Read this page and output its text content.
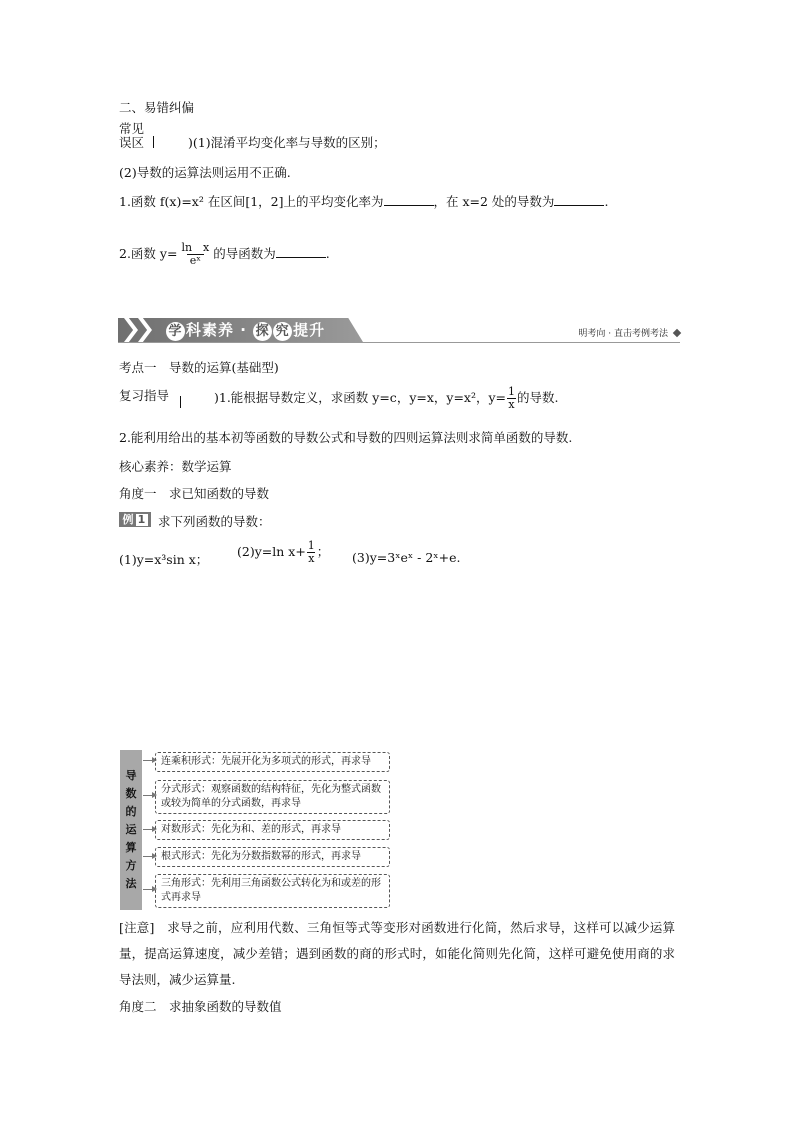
二、易错纠偏
常见
误区	)(1)混淆平均变化率与导数的区别；
(2)导数的运算法则运用不正确.
1.函数 f(x)=x² 在区间[1，2]上的平均变化率为	，在 x=2 处的导数为	.
2.函数 $y= \frac{\text{ln　x}}{\text{eˣ}}$ 的导函数为	.
学 科素养 · 探 究 提升	明考向 · 直击考例考法
考点一　导数的运算(基础型)
复习指导	)1.能根据导数定义，求函数 y=c，y=x，y=x²，$y= \frac{1}{x}$ 的导数.
2.能利用给出的基本初等函数的导数公式和导数的四则运算法则求简单函数的导数.
核心素养：数学运算
角度一　求已知函数的导数
例 1	求下列函数的导数：
(1)y=x³sin x；
(2)y=ln $x+ \frac{1}{x}$ ； (3)y=3ˣeˣ - 2ˣ+e.
导
数
的
运
算
方
法
连乘积形式：先展开化为多项式的形式，再求导
分式形式：观察函数的结构特征，先化为整式函数或较为简单的分式函数，再求导
对数形式：先化为和、差的形式，再求导
根式形式：先化为分数指数幂的形式，再求导
三角形式：先利用三角函数公式转化为和或差的形式再求导
[注意]　求导之前，应利用代数、三角恒等式等变形对函数进行化简，然后求导，这样可以减少运算量，提高运算速度，减少差错；遇到函数的商的形式时，如能化简则先化简，这样可避免使用商的求导法则，减少运算量.
角度二　求抽象函数的导数值
